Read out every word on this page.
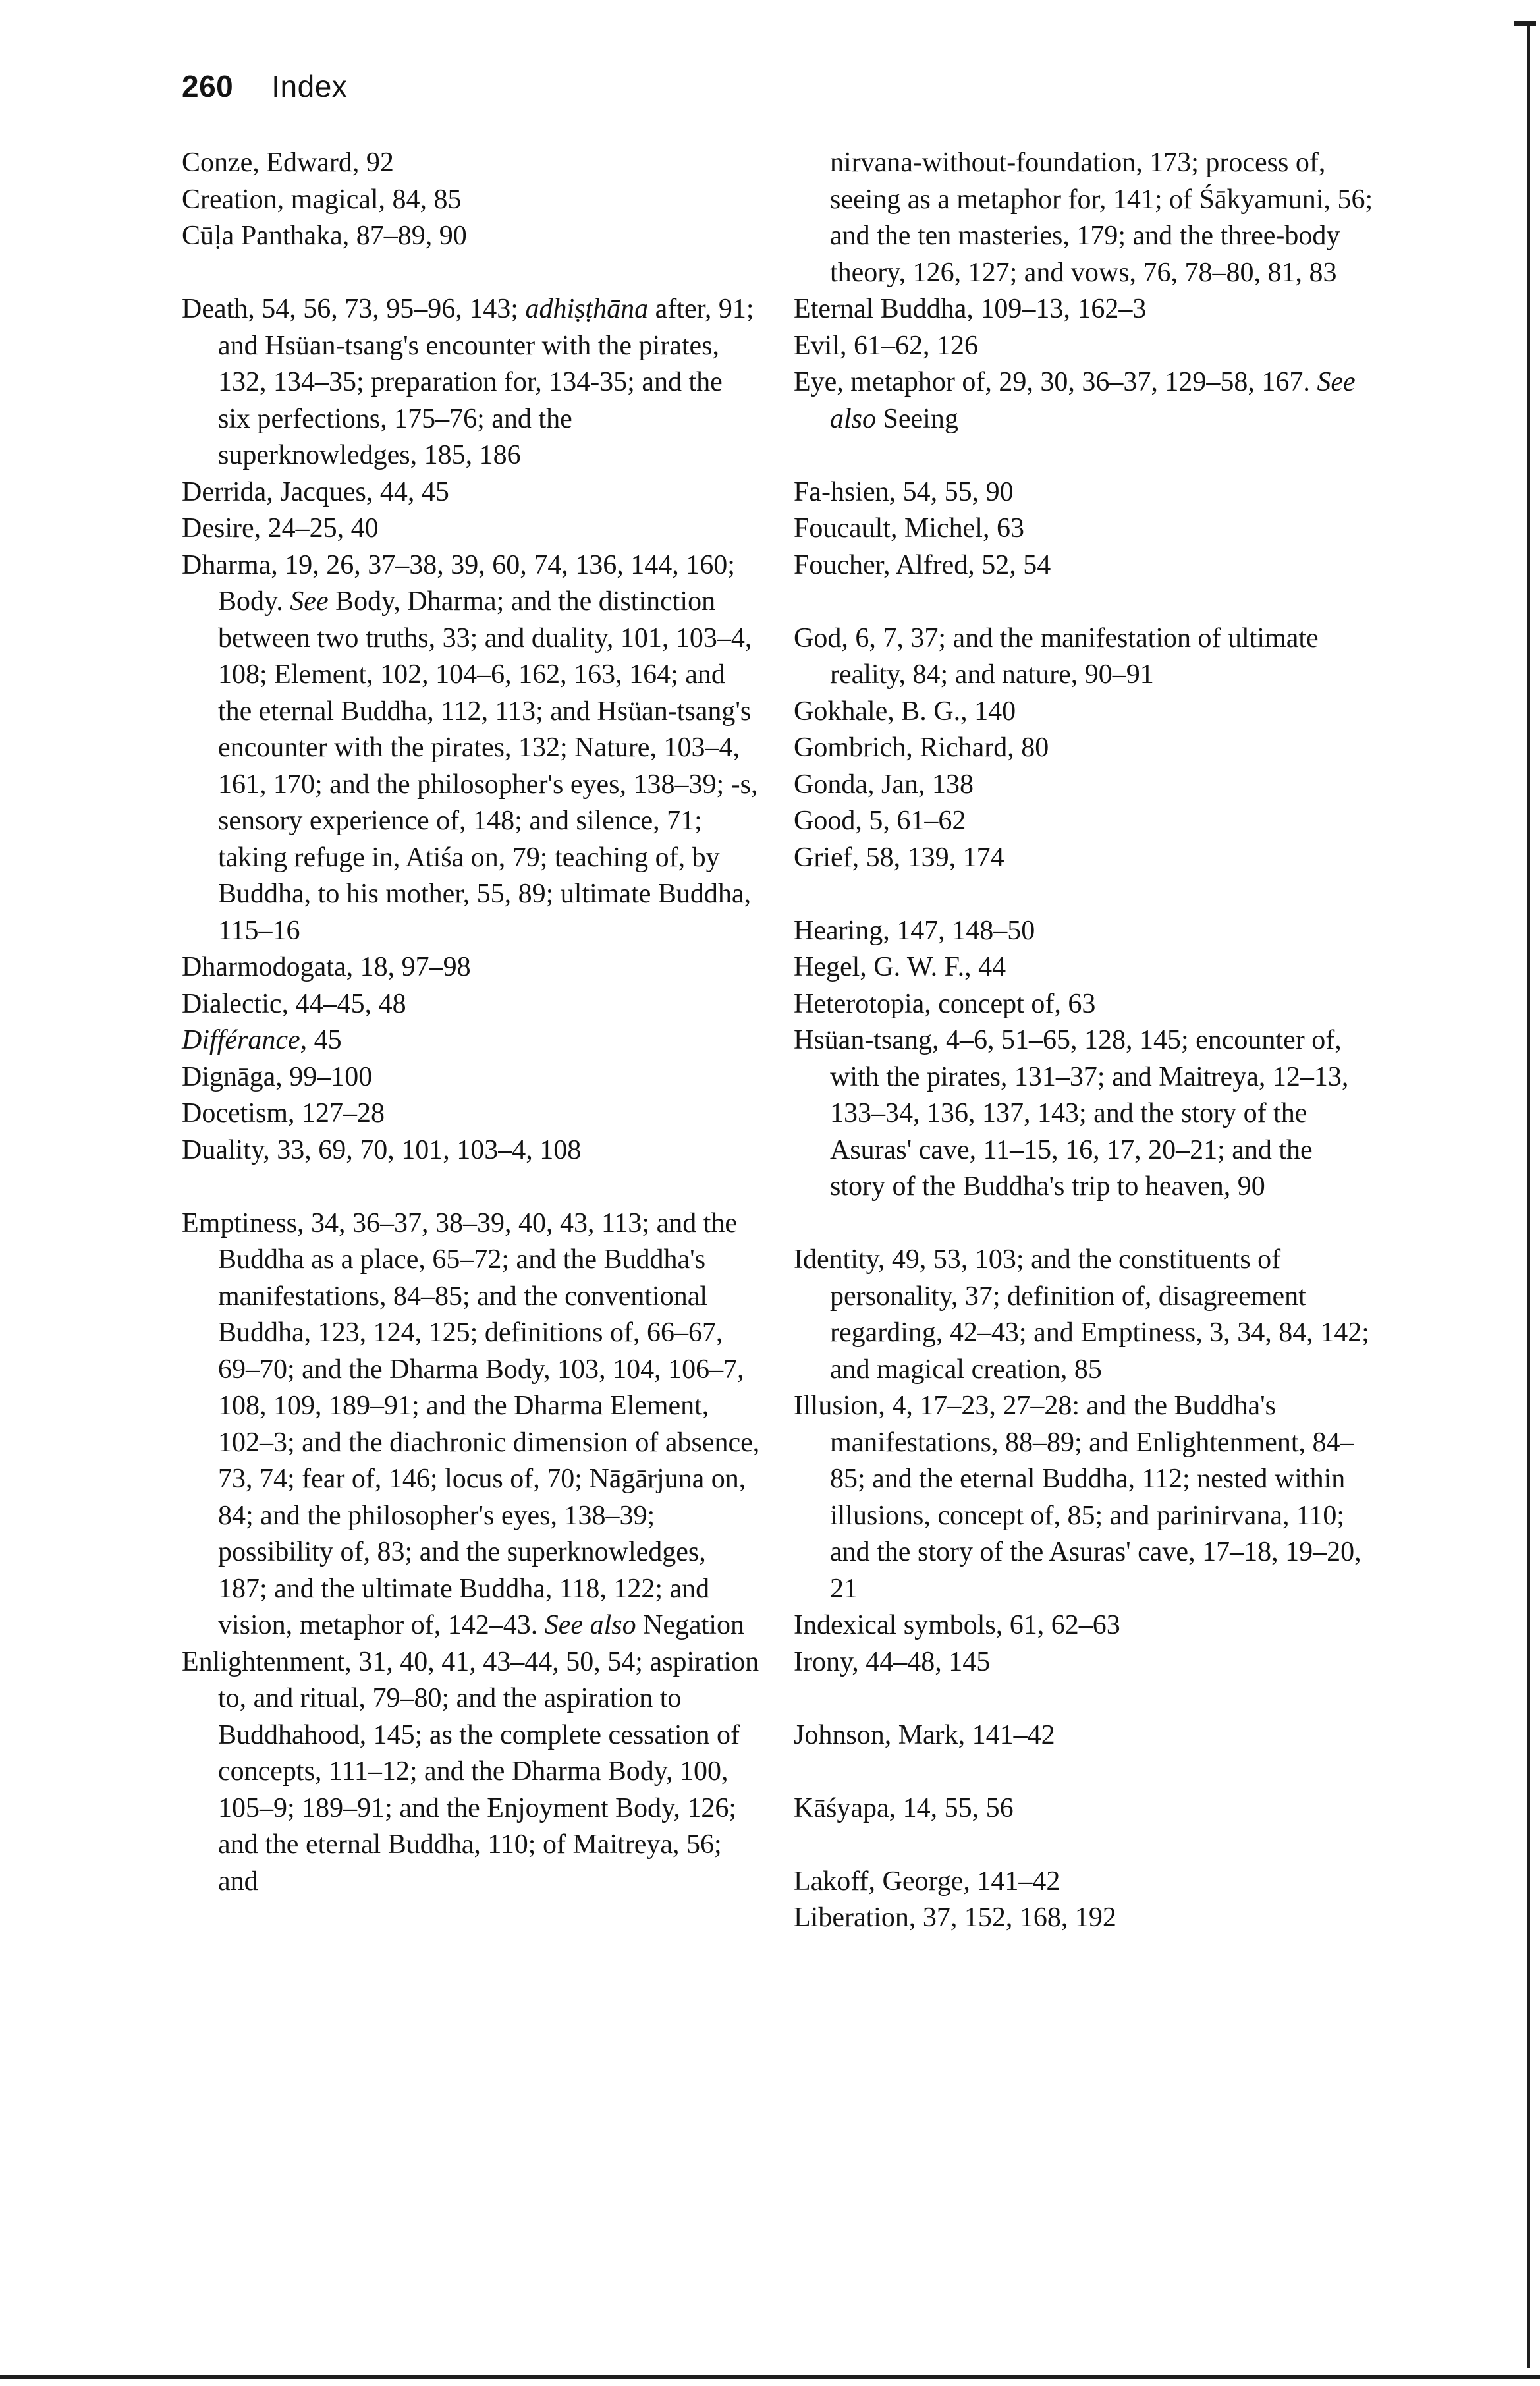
260 Index

Conze, Edward, 92

Creation, magical, 84, 85

Cūḷa Panthaka, 87–89, 90

Death, 54, 56, 73, 95–96, 143; adhiṣṭhāna after, 91; and Hsüan-tsang's encounter with the pirates, 132, 134–35; preparation for, 134-35; and the six perfections, 175–76; and the superknowledges, 185, 186

Derrida, Jacques, 44, 45

Desire, 24–25, 40

Dharma, 19, 26, 37–38, 39, 60, 74, 136, 144, 160; Body. See Body, Dharma; and the distinction between two truths, 33; and duality, 101, 103–4, 108; Element, 102, 104–6, 162, 163, 164; and the eternal Buddha, 112, 113; and Hsüan-tsang's encounter with the pirates, 132; Nature, 103–4, 161, 170; and the philosopher's eyes, 138–39; -s, sensory experience of, 148; and silence, 71; taking refuge in, Atiśa on, 79; teaching of, by Buddha, to his mother, 55, 89; ultimate Buddha, 115–16

Dharmodogata, 18, 97–98

Dialectic, 44–45, 48

Différance, 45

Dignāga, 99–100

Docetism, 127–28

Duality, 33, 69, 70, 101, 103–4, 108

Emptiness, 34, 36–37, 38–39, 40, 43, 113; and the Buddha as a place, 65–72; and the Buddha's manifestations, 84–85; and the conventional Buddha, 123, 124, 125; definitions of, 66–67, 69–70; and the Dharma Body, 103, 104, 106–7, 108, 109, 189–91; and the Dharma Element, 102–3; and the diachronic dimension of absence, 73, 74; fear of, 146; locus of, 70; Nāgārjuna on, 84; and the philosopher's eyes, 138–39; possibility of, 83; and the superknowledges, 187; and the ultimate Buddha, 118, 122; and vision, metaphor of, 142–43. See also Negation

Enlightenment, 31, 40, 41, 43–44, 50, 54; aspiration to, and ritual, 79–80; and the aspiration to Buddhahood, 145; as the complete cessation of concepts, 111–12; and the Dharma Body, 100, 105–9; 189–91; and the Enjoyment Body, 126; and the eternal Buddha, 110; of Maitreya, 56; and

nirvana-without-foundation, 173; process of, seeing as a metaphor for, 141; of Śākyamuni, 56; and the ten masteries, 179; and the three-body theory, 126, 127; and vows, 76, 78–80, 81, 83

Eternal Buddha, 109–13, 162–3

Evil, 61–62, 126

Eye, metaphor of, 29, 30, 36–37, 129–58, 167. See also Seeing

Fa-hsien, 54, 55, 90

Foucault, Michel, 63

Foucher, Alfred, 52, 54

God, 6, 7, 37; and the manifestation of ultimate reality, 84; and nature, 90–91

Gokhale, B. G., 140

Gombrich, Richard, 80

Gonda, Jan, 138

Good, 5, 61–62

Grief, 58, 139, 174

Hearing, 147, 148–50

Hegel, G. W. F., 44

Heterotopia, concept of, 63

Hsüan-tsang, 4–6, 51–65, 128, 145; encounter of, with the pirates, 131–37; and Maitreya, 12–13, 133–34, 136, 137, 143; and the story of the Asuras' cave, 11–15, 16, 17, 20–21; and the story of the Buddha's trip to heaven, 90

Identity, 49, 53, 103; and the constituents of personality, 37; definition of, disagreement regarding, 42–43; and Emptiness, 3, 34, 84, 142; and magical creation, 85

Illusion, 4, 17–23, 27–28: and the Buddha's manifestations, 88–89; and Enlightenment, 84–85; and the eternal Buddha, 112; nested within illusions, concept of, 85; and parinirvana, 110; and the story of the Asuras' cave, 17–18, 19–20, 21

Indexical symbols, 61, 62–63

Irony, 44–48, 145

Johnson, Mark, 141–42

Kāśyapa, 14, 55, 56

Lakoff, George, 141–42

Liberation, 37, 152, 168, 192
